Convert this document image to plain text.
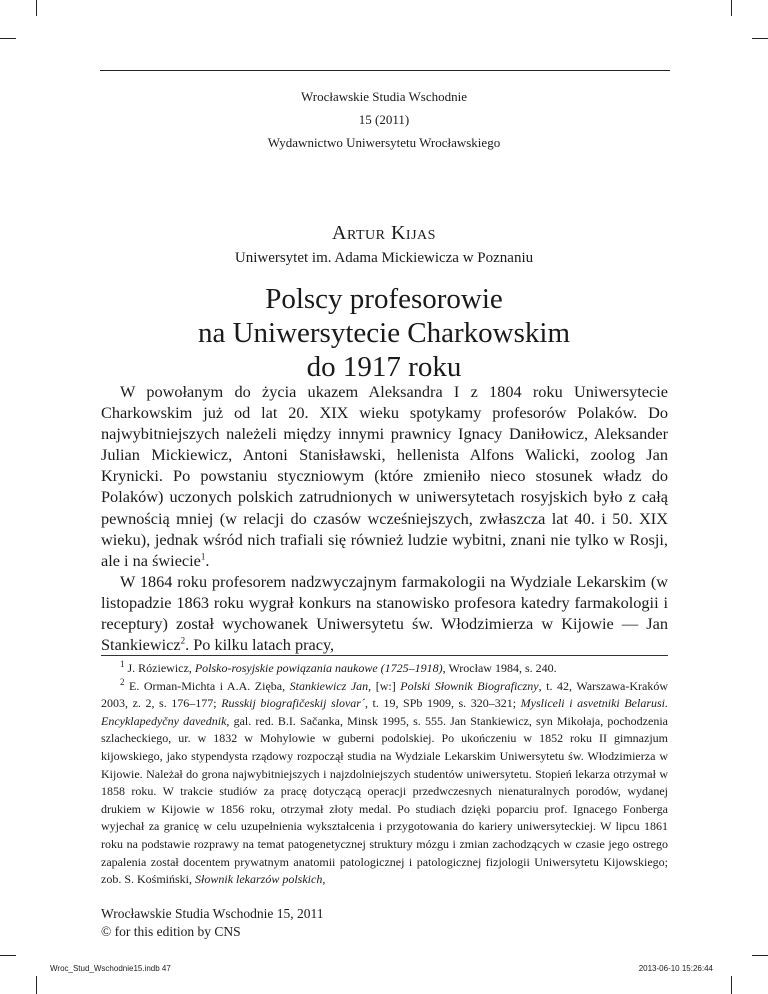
Wrocławskie Studia Wschodnie
15 (2011)
Wydawnictwo Uniwersytetu Wrocławskiego
Artur Kijas
Uniwersytet im. Adama Mickiewicza w Poznaniu
Polscy profesorowie
na Uniwersytecie Charkowskim
do 1917 roku

W powołanym do życia ukazem Aleksandra I z 1804 roku Uniwersytecie Charkowskim już od lat 20. XIX wieku spotykamy profesorów Polaków. Do najwybitniejszych należeli między innymi prawnicy Ignacy Daniłowicz, Aleksander Julian Mickiewicz, Antoni Stanisławski, hellenista Alfons Walicki, zoolog Jan Krynicki. Po powstaniu styczniowym (które zmieniło nieco stosunek władz do Polaków) uczonych polskich zatrudnionych w uniwersytetach rosyjskich było z całą pewnością mniej (w relacji do czasów wcześniejszych, zwłaszcza lat 40. i 50. XIX wieku), jednak wśród nich trafiali się również ludzie wybitni, znani nie tylko w Rosji, ale i na świecie$^1$.

W 1864 roku profesorem nadzwyczajnym farmakologii na Wydziale Lekarskim (w listopadzie 1863 roku wygrał konkurs na stanowisko profesora katedry farmakologii i receptury) został wychowanek Uniwersytetu św. Włodzimierza w Kijowie — Jan Stankiewicz$^2$. Po kilku latach pracy,

$^1$ J. Róziewicz, Polsko-rosyjskie powiązania naukowe (1725–1918), Wrocław 1984, s. 240.

$^2$ E. Orman-Michta i A.A. Zięba, Stankiewicz Jan, [w:] Polski Słownik Biograficzny, t. 42, Warszawa-Kraków 2003, z. 2, s. 176–177; Russkij biografičeskij slovar´, t. 19, SPb 1909, s. 320–321; Mysliceli i asvetniki Belarusi. Encyklapedyčny davednik, gal. red. B.I. Sačanka, Minsk 1995, s. 555. Jan Stankiewicz, syn Mikołaja, pochodzenia szlacheckiego, ur. w 1832 w Mohylowie w guberni podolskiej. Po ukończeniu w 1852 roku II gimnazjum kijowskiego, jako stypendysta rządowy rozpoczął studia na Wydziale Lekarskim Uniwersytetu św. Włodzimierza w Kijowie. Należał do grona najwybitniejszych i najzdolniejszych studentów uniwersytetu. Stopień lekarza otrzymał w 1858 roku. W trakcie studiów za pracę dotyczącą operacji przedwczesnych nienaturalnych porodów, wydanej drukiem w Kijowie w 1856 roku, otrzymał złoty medal. Po studiach dzięki poparciu prof. Ignacego Fonberga wyjechał za granicę w celu uzupełnienia wykształcenia i przygotowania do kariery uniwersyteckiej. W lipcu 1861 roku na podstawie rozprawy na temat patogenetycznej struktury mózgu i zmian zachodzących w czasie jego ostrego zapalenia został docentem prywatnym anatomii patologicznej i patologicznej fizjologii Uniwersytetu Kijowskiego; zob. S. Kośmiński, Słownik lekarzów polskich,

Wrocławskie Studia Wschodnie 15, 2011
© for this edition by CNS
Wroc_Stud_Wschodnie15.indb 47	2013-06-10 15:26:44
